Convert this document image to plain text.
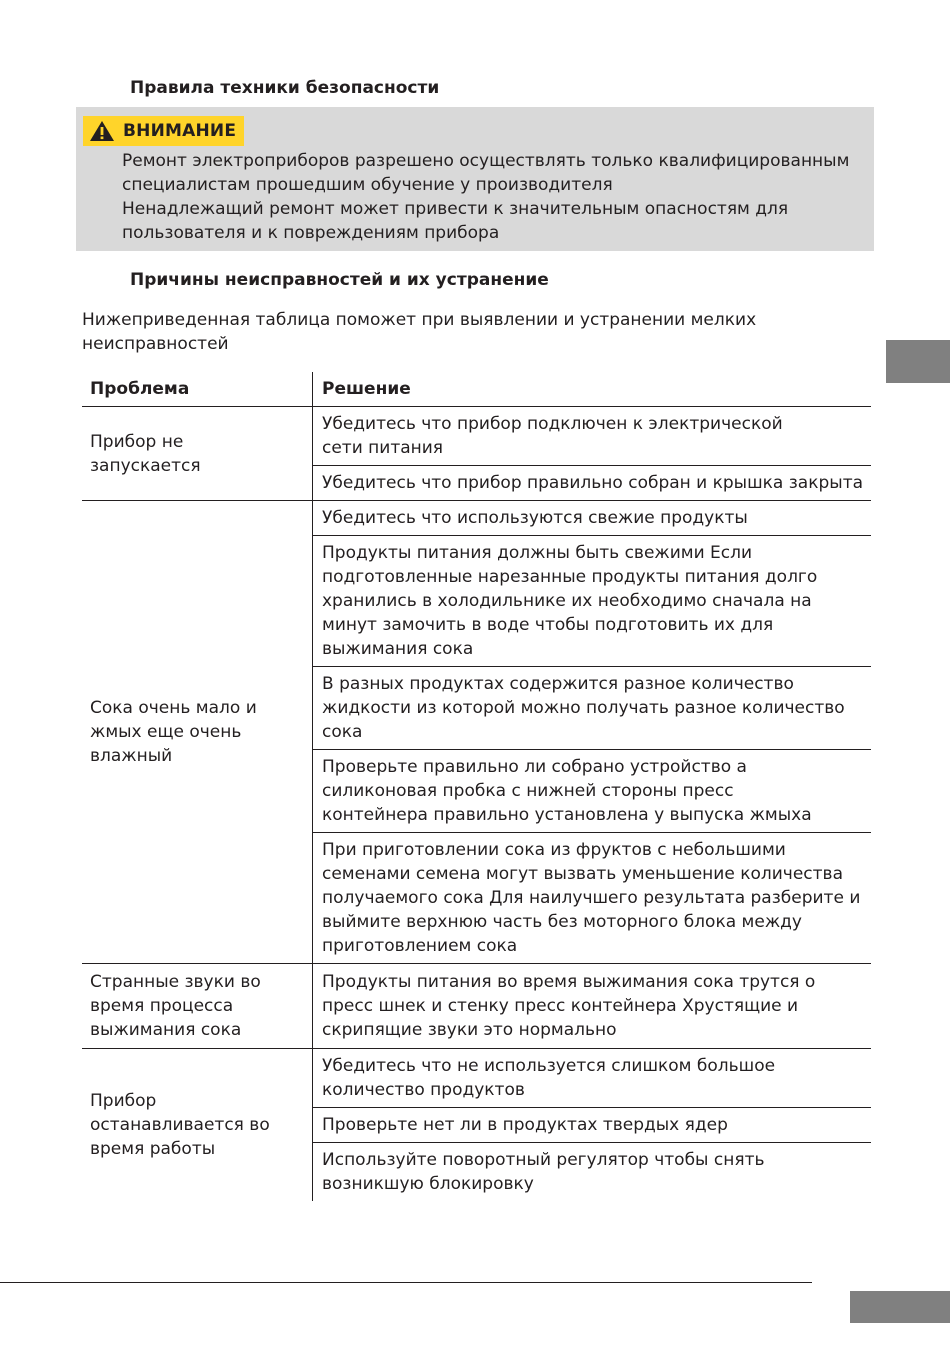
Правила техники безопасности
ВНИМАНИЕ
Ремонт электроприборов разрешено осуществлять только квалифицированным
специалистам прошедшим обучение у производителя
Ненадлежащий ремонт может привести к значительным опасностям для
пользователя и к повреждениям прибора
Причины неисправностей и их устранение
Нижеприведенная таблица поможет при выявлении и устранении мелких
неисправностей
Проблема	Решение
Прибор не запускается	Убедитесь что прибор подключен к электрической сети питания
	Убедитесь что прибор правильно собран и крышка закрыта
Сока очень мало и жмых еще очень влажный	Убедитесь что используются свежие продукты
	Продукты питания должны быть свежими Если подготовленные нарезанные продукты питания долго хранились в холодильнике их необходимо сначала на минут замочить в воде чтобы подготовить их для выжимания сока
	В разных продуктах содержится разное количество жидкости из которой можно получать разное количество сока
	Проверьте правильно ли собрано устройство а силиконовая пробка с нижней стороны пресс контейнера правильно установлена у выпуска жмыха
	При приготовлении сока из фруктов с небольшими семенами семена могут вызвать уменьшение количества получаемого сока Для наилучшего результата разберите и выймите верхнюю часть без моторного блока между приготовлением сока
Странные звуки во время процесса выжимания сока	Продукты питания во время выжимания сока трутся о пресс шнек и стенку пресс контейнера Хрустящие и скрипящие звуки это нормально
Прибор останавливается во время работы	Убедитесь что не используется слишком большое количество продуктов
	Проверьте нет ли в продуктах твердых ядер
	Используйте поворотный регулятор чтобы снять возникшую блокировку
